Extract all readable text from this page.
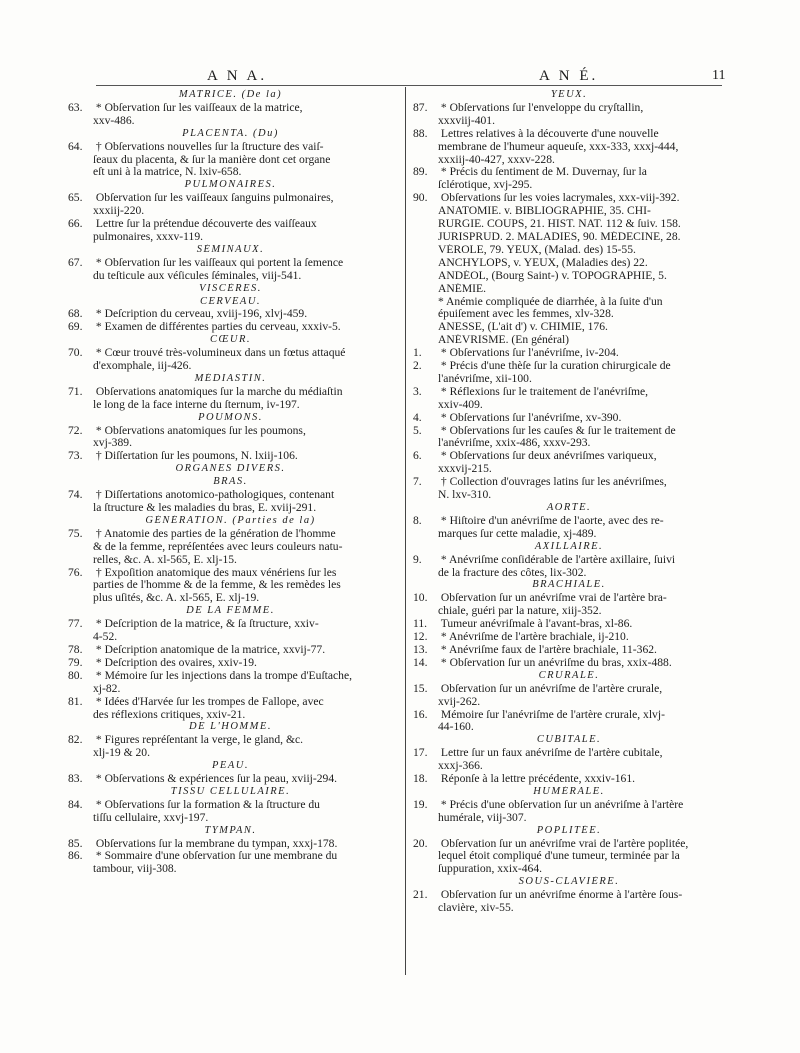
A N A.	A N É.	11
MATRICE. (De la)
63. * Obſervation ſur les vaiſſeaux de la matrice,
xxv-486.
PLACENTA. (Du)
64. † Obſervations nouvelles ſur la ſtructure des vaiſ-
ſeaux du placenta, & ſur la manière dont cet organe
eſt uni à la matrice, N. lxiv-658.
PULMONAIRES.
65. Obſervation ſur les vaiſſeaux ſanguins pulmonaires,
xxxiij-220.
66. Lettre ſur la prétendue découverte des vaiſſeaux
pulmonaires, xxxv-119.
SÉMINAUX.
67. * Obſervation ſur les vaiſſeaux qui portent la ſemence
du teſticule aux véſicules ſéminales, viij-541.
VISCÈRES.
CERVEAU.
68. * Deſcription du cerveau, xviij-196, xlvj-459.
69. * Examen de différentes parties du cerveau, xxxiv-5.
CŒUR.
70. * Cœur trouvé très-volumineux dans un fœtus attaqué
d'exomphale, iij-426.
MÉDIASTIN.
71. Obſervations anatomiques ſur la marche du médiaſtin
le long de la face interne du ſternum, iv-197.
POUMONS.
72. * Obſervations anatomiques ſur les poumons,
xvj-389.
73. † Diſſertation ſur les poumons, N. lxiij-106.
ORGANES DIVERS.
BRAS.
74. † Diſſertations anotomico-pathologiques, contenant
la ſtructure & les maladies du bras, E. xviij-291.
GÉNÉRATION. (Parties de la)
75. † Anatomie des parties de la génération de l'homme
& de la femme, repréſentées avec leurs couleurs natu-
relles, &c. A. xl-565, E. xlj-15.
76. † Expoſition anatomique des maux vénériens ſur les
parties de l'homme & de la femme, & les remèdes les
plus uſités, &c. A. xl-565, E. xlj-19.
DE LA FEMME.
77. * Deſcription de la matrice, & ſa ſtructure, xxiv-
4-52.
78. * Deſcription anatomique de la matrice, xxvij-77.
79. * Deſcription des ovaires, xxiv-19.
80. * Mémoire ſur les injections dans la trompe d'Euſtache,
xj-82.
81. * Idées d'Harvée ſur les trompes de Fallope, avec
des réflexions critiques, xxiv-21.
DE L'HOMME.
82. * Figures repréſentant la verge, le gland, &c.
xlj-19 & 20.
PEAU.
83. * Obſervations & expériences ſur la peau, xviij-294.
TISSU CELLULAIRE.
84. * Obſervations ſur la formation & la ſtructure du
tiſſu cellulaire, xxvj-197.
TYMPAN.
85. Obſervations ſur la membrane du tympan, xxxj-178.
86. * Sommaire d'une obſervation ſur une membrane du
tambour, viij-308.
YEUX.
87. * Obſervations ſur l'enveloppe du cryſtallin,
xxxviij-401.
88. Lettres relatives à la découverte d'une nouvelle
membrane de l'humeur aqueuſe, xxx-333, xxxj-444,
xxxiij-40-427, xxxv-228.
89. * Précis du ſentiment de M. Duvernay, ſur la
ſclérotique, xvj-295.
90. Obſervations ſur les voies lacrymales, xxx-viij-392.
ANATOMIE. v. BIBLIOGRAPHIE, 35. CHI-
RURGIE. COUPS, 21. HIST. NAT. 112 & ſuiv. 158.
JURISPRUD. 2. MALADIES, 90. MÉDECINE, 28.
VÉROLE, 79. YEUX, (Malad. des) 15-55.
ANCHYLOPS, v. YEUX, (Maladies des) 22.
ANDÉOL, (Bourg Saint-) v. TOPOGRAPHIE, 5.
ANÉMIE.
* Anémie compliquée de diarrhée, à la ſuite d'un
épuiſement avec les femmes, xlv-328.
ANESSE, (L'ait d') v. CHIMIE, 176.
ANÉVRISME. (En général)
1. * Obſervations ſur l'anévriſme, iv-204.
2. * Précis d'une thèſe ſur la curation chirurgicale de
l'anévriſme, xii-100.
3. * Réflexions ſur le traitement de l'anévriſme,
xxiv-409.
4. * Obſervations ſur l'anévriſme, xv-390.
5. * Obſervations ſur les cauſes & ſur le traitement de
l'anévriſme, xxix-486, xxxv-293.
6. * Obſervations ſur deux anévriſmes variqueux,
xxxvij-215.
7. † Collection d'ouvrages latins ſur les anévriſmes,
N. lxv-310.
AORTE.
8. * Hiſtoire d'un anévriſme de l'aorte, avec des re-
marques ſur cette maladie, xj-489.
AXILLAIRE.
9. * Anévriſme conſidérable de l'artère axillaire, ſuivi
de la fracture des côtes, lix-302.
BRACHIALE.
10. Obſervation ſur un anévriſme vrai de l'artère bra-
chiale, guéri par la nature, xiij-352.
11. Tumeur anévriſmale à l'avant-bras, xl-86.
12. * Anévriſme de l'artère brachiale, ij-210.
13. * Anévriſme faux de l'artère brachiale, 11-362.
14. * Obſervation ſur un anévriſme du bras, xxix-488.
CRURALE.
15. Obſervation ſur un anévriſme de l'artère crurale,
xvij-262.
16. Mémoire ſur l'anévriſme de l'artère crurale, xlvj-
44-160.
CUBITALE.
17. Lettre ſur un faux anévriſme de l'artère cubitale,
xxxj-366.
18. Réponſe à la lettre précédente, xxxiv-161.
HUMÉRALE.
19. * Précis d'une obſervation ſur un anévriſme à l'artère
humérale, viij-307.
POPLITÉE.
20. Obſervation ſur un anévriſme vrai de l'artère poplitée,
lequel étoit compliqué d'une tumeur, terminée par la
ſuppuration, xxix-464.
SOUS-CLAVIÈRE.
21. Obſervation ſur un anévriſme énorme à l'artère ſous-
clavière, xiv-55.
